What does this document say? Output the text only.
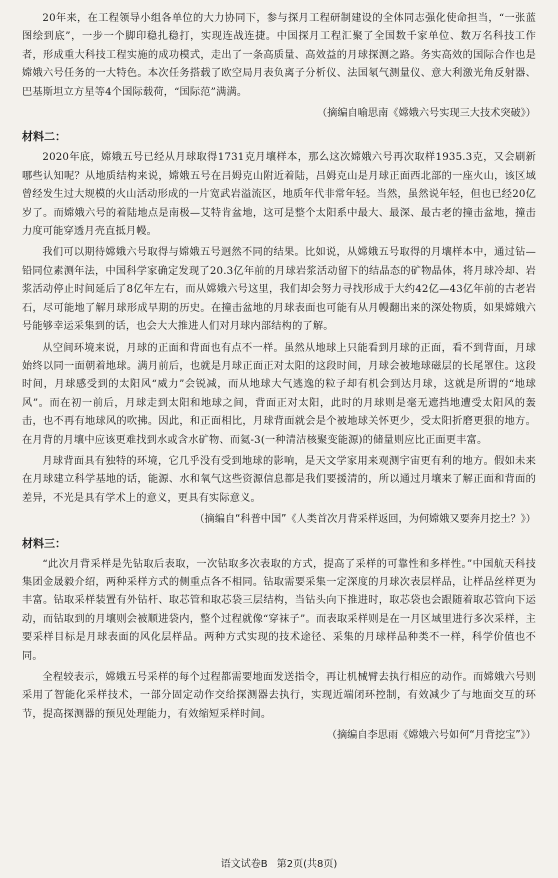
20年来，在工程领导小组各单位的大力协同下，参与探月工程研制建设的全体同志强化使命担当，“一张蓝图绘到底”，一步一个脚印稳扎稳打，实现连战连捷。中国探月工程汇聚了全国数千家单位、数万名科技工作者，形成重大科技工程实施的成功模式，走出了一条高质量、高效益的月球探测之路。务实高效的国际合作也是嫦娥六号任务的一大特色。本次任务搭载了欧空局月表负离子分析仪、法国氡气测量仪、意大利激光角反射器、巴基斯坦立方星等4个国际载荷，“国际范”满满。

（摘编自喻思南《嫦娥六号实现三大技术突破》）
材料二：

2020年底，嫦娥五号已经从月球取得1731克月壤样本，那么这次嫦娥六号再次取样1935.3克，又会刷新哪些认知呢？从地质结构来说，嫦娥五号在吕姆克山附近着陆，吕姆克山是月球正面西北部的一座火山，该区域曾经发生过大规模的火山活动形成的一片宽武岩溢流区，地质年代非常年轻。当然，虽然说年轻，但也已经20亿岁了。而嫦娥六号的着陆地点是南极—艾特肯盆地，这可是整个太阳系中最大、最深、最古老的撞击盆地，撞击力度可能穿透月壳直抵月幔。

我们可以期待嫦娥六号取得与嫦娥五号迥然不同的结果。比如说，从嫦娥五号取得的月壤样本中，通过钻—铅同位素测年法，中国科学家确定发现了20.3亿年前的月球岩浆活动留下的结晶态的矿物晶体，将月球冷却、岩浆活动停止时间延后了8亿年左右，而从嫦娥六号这里，我们却会努力寻找形成于大约42亿—43亿年前的古老岩石，尽可能地了解月球形成早期的历史。在撞击盆地的月球表面也可能有从月幔翻出来的深处物质，如果嫦娥六号能够幸运采集到的话，也会大大推进人们对月球内部结构的了解。

从空间环境来说，月球的正面和背面也有点不一样。虽然从地球上只能看到月球的正面，看不到背面，月球始终以同一面朝着地球。满月前后，也就是月球正面正对太阳的这段时间，月球会被地球磁层的长尾罩住。这段时间，月球感受到的太阳风“威力”会锐减，而从地球大气逃逸的粒子却有机会到达月球，这就是所谓的“地球风”。而在初一前后，月球走到太阳和地球之间，背面正对太阳，此时的月球则是毫无遮挡地遭受太阳风的轰击，也不再有地球风的吹拂。因此，和正面相比，月球背面就会是个被地球关怀更少，受太阳折磨更狠的地方。在月背的月壤中应该更难找到水或含水矿物、而氦-3(一种清洁核聚变能源)的储量则应比正面更丰富。

月球背面具有独特的环境，它几乎没有受到地球的影响，是天文学家用来观测宇宙更有利的地方。假如未来在月球建立科学基地的话，能源、水和氧气这些资源信息都是我们要援清的，所以通过月壤来了解正面和背面的差异，不光是具有学术上的意义，更具有实际意义。

（摘编自“科普中国”《人类首次月背采样返回，为何嫦娥又要奔月挖土？》）
材料三：

“此次月背采样是先钻取后表取，一次钻取多次表取的方式，提高了采样的可靠性和多样性。”中国航天科技集团金晟毅介绍，两种采样方式的侧重点各不相同。钻取需要采集一定深度的月球次表层样品，让样品丝样更为丰富。钻取采样装置有外钻杆、取芯管和取芯袋三层结构，当钻头向下推进时，取芯袋也会跟随着取芯管向下运动，而钻取到的月壤则会被顺进袋内，整个过程就像“穿袜子”。而表取采样则是在一月区域里进行多次采样，主要采样目标是月球表面的风化层样品。两种方式实现的技术途径、采集的月球样品种类不一样，科学价值也不同。

全程较表示，嫦娥五号采样的每个过程都需要地面发送指令，再让机械臂去执行相应的动作。而嫦娥六号则采用了智能化采样技术，一部分固定动作交给探测器去执行，实现近端闭环控制，有效减少了与地面交互的环节，提高探测器的预见处理能力，有效缩短采样时间。

（摘编自李思雨《嫦娥六号如何“月背挖宝”》）
语文试卷B 第2页(共8页)
